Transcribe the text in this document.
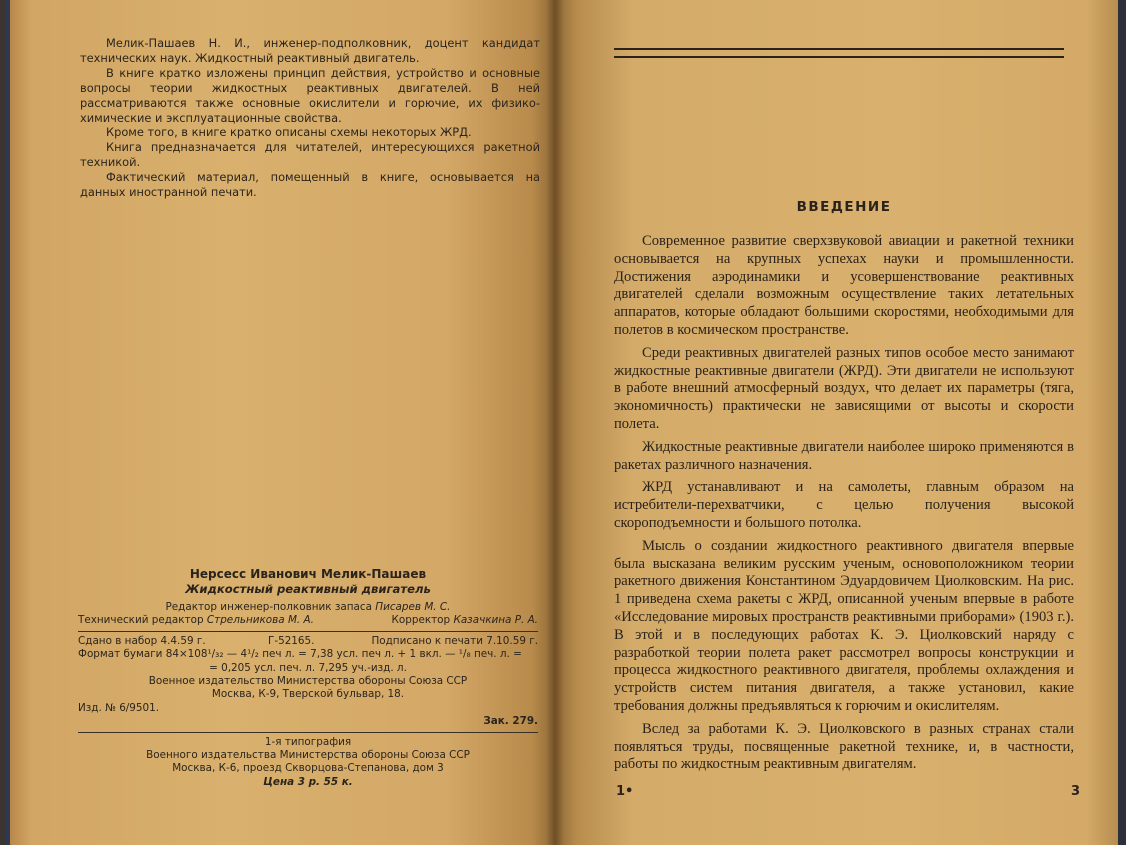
Мелик-Пашаев Н. И., инженер-подполковник, доцент кандидат технических наук. Жидкостный реактивный двигатель.

В книге кратко изложены принцип действия, устройство и основные вопросы теории жидкостных реактивных двигателей. В ней рассматриваются также основные окислители и горючие, их физико-химические и эксплуатационные свойства.

Кроме того, в книге кратко описаны схемы некоторых ЖРД.

Книга предназначается для читателей, интересующихся ракетной техникой.

Фактический материал, помещенный в книге, основывается на данных иностранной печати.

Нерсесс Иванович Мелик-Пашаев
Жидкостный реактивный двигатель
Редактор инженер-полковник запаса Писарев М. С.
Технический редактор Стрельникова М. А.	Корректор Казачкина Р. А.
Сдано в набор 4.4.59 г.	Г-52165.	Подписано к печати 7.10.59 г.
Формат бумаги 84×108¹/₃₂ — 4¹/₂ печ л. = 7,38 усл. печ л. + 1 вкл. — ¹/₈ печ. л. =
= 0,205 усл. печ. л. 7,295 уч.-изд. л.
Военное издательство Министерства обороны Союза ССР
Москва, К-9, Тверской бульвар, 18.
Изд. № 6/9501.
Зак. 279.
1-я типография
Военного издательства Министерства обороны Союза ССР
Москва, К-6, проезд Скворцова-Степанова, дом 3
Цена 3 р. 55 к.
ВВЕДЕНИЕ

Современное развитие сверхзвуковой авиации и ракетной техники основывается на крупных успехах науки и промышленности. Достижения аэродинамики и усовершенствование реактивных двигателей сделали возможным осуществление таких летательных аппаратов, которые обладают большими скоростями, необходимыми для полетов в космическом пространстве.

Среди реактивных двигателей разных типов особое место занимают жидкостные реактивные двигатели (ЖРД). Эти двигатели не используют в работе внешний атмосферный воздух, что делает их параметры (тяга, экономичность) практически не зависящими от высоты и скорости полета.

Жидкостные реактивные двигатели наиболее широко применяются в ракетах различного назначения.

ЖРД устанавливают и на самолеты, главным образом на истребители-перехватчики, с целью получения высокой скороподъемности и большого потолка.

Мысль о создании жидкостного реактивного двигателя впервые была высказана великим русским ученым, основоположником теории ракетного движения Константином Эдуардовичем Циолковским. На рис. 1 приведена схема ракеты с ЖРД, описанной ученым впервые в работе «Исследование мировых пространств реактивными приборами» (1903 г.). В этой и в последующих работах К. Э. Циолковский наряду с разработкой теории полета ракет рассмотрел вопросы конструкции и процесса жидкостного реактивного двигателя, проблемы охлаждения и устройств систем питания двигателя, а также установил, какие требования должны предъявляться к горючим и окислителям.

Вслед за работами К. Э. Циолковского в разных странах стали появляться труды, посвященные ракетной технике, и, в частности, работы по жидкостным реактивным двигателям.

1•	3
